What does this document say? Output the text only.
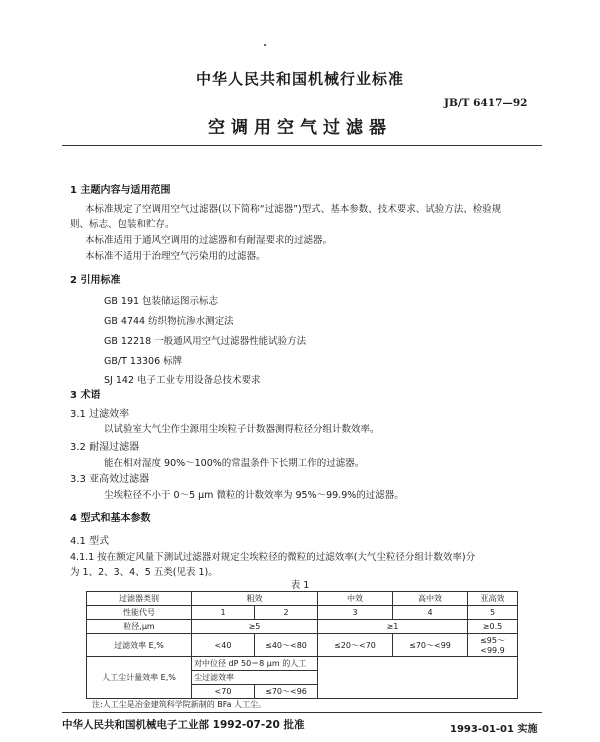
中华人民共和国机械行业标准
JB/T 6417—92
空调用空气过滤器
1 主题内容与适用范围
本标准规定了空调用空气过滤器(以下简称“过滤器”)型式、基本参数、技术要求、试验方法、检验规
则、标志、包装和贮存。
本标准适用于通风空调用的过滤器和有耐湿要求的过滤器。
本标准不适用于治理空气污染用的过滤器。
2 引用标准
GB 191 包装储运图示标志
GB 4744 纺织物抗渗水测定法
GB 12218 一般通风用空气过滤器性能试验方法
GB/T 13306 标牌
SJ 142 电子工业专用设备总技术要求
3 术语
3.1 过滤效率
以试验室大气尘作尘源用尘埃粒子计数器测得粒径分组计数效率。
3.2 耐湿过滤器
能在相对湿度 90%～100%的常温条件下长期工作的过滤器。
3.3 亚高效过滤器
尘埃粒径不小于 0～5 μm 微粒的计数效率为 95%～99.9%的过滤器。
4 型式和基本参数
4.1 型式
4.1.1 按在额定风量下测试过滤器对规定尘埃粒径的微粒的过滤效率(大气尘粒径分组计数效率)分
为 1、2、3、4、5 五类(见表 1)。
表 1
过滤器类别	粗效		中效	高中效	亚高效
性能代号	1	2	3	4	5
粒径,μm	≥5		≥1		≥0.5
过滤效率 E,%	<40	≤40～<80	≤20～<70	≤70～<99	≤95～<99.9
人工尘计量效率 E,%	对中位径 dP 50＝8 μm 的人工				
	尘过滤效率				
	<70	≤70～<96			
注:人工尘是冶金建筑科学院新制的 BFa 人工尘。
中华人民共和国机械电子工业部 1992-07-20 批准	1993-01-01 实施
